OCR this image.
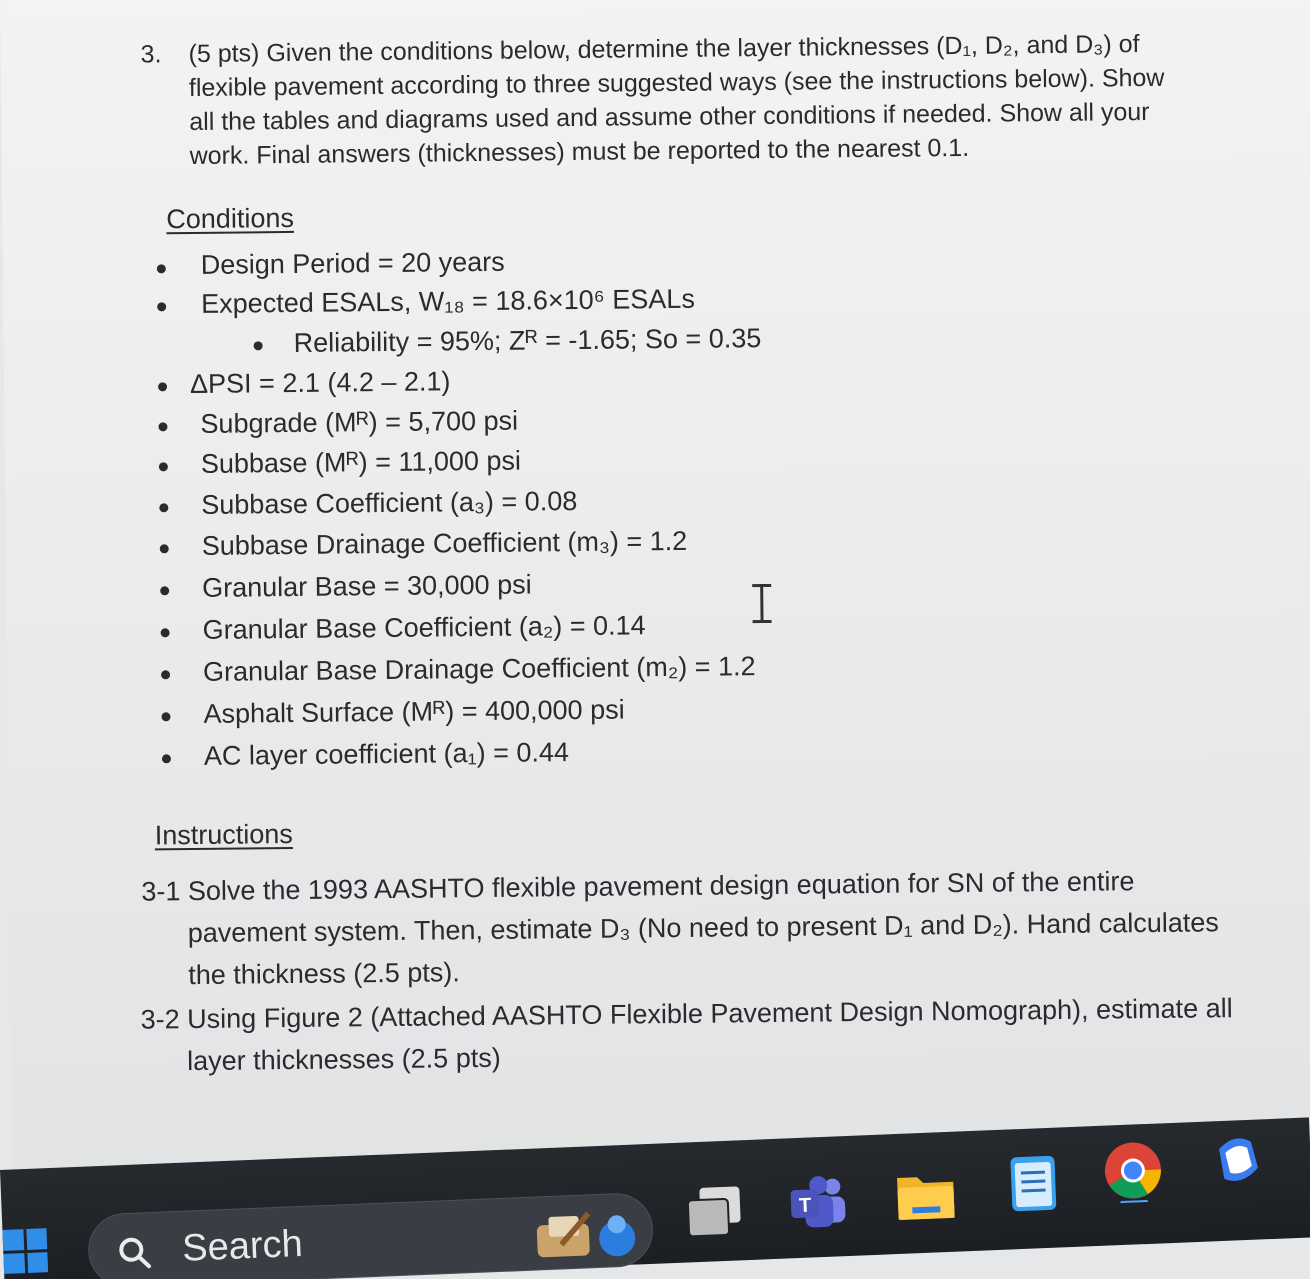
3. (5 pts) Given the conditions below, determine the layer thicknesses (D₁, D₂, and D₃) of
flexible pavement according to three suggested ways (see the instructions below). Show
all the tables and diagrams used and assume other conditions if needed. Show all your
work. Final answers (thicknesses) must be reported to the nearest 0.1.
Conditions
Design Period = 20 years
Expected ESALs, W₁₈ = 18.6×10⁶ ESALs
Reliability = 95%; Zᴿ = -1.65; So = 0.35
ΔPSI = 2.1 (4.2 – 2.1)
Subgrade (Mᴿ) = 5,700 psi
Subbase (Mᴿ) = 11,000 psi
Subbase Coefficient (a₃) = 0.08
Subbase Drainage Coefficient (m₃) = 1.2
Granular Base = 30,000 psi
Granular Base Coefficient (a₂) = 0.14
Granular Base Drainage Coefficient (m₂) = 1.2
Asphalt Surface (Mᴿ) = 400,000 psi
AC layer coefficient (a₁) = 0.44
Instructions
3-1 Solve the 1993 AASHTO flexible pavement design equation for SN of the entire
pavement system. Then, estimate D₃ (No need to present D₁ and D₂). Hand calculates
the thickness (2.5 pts).
3-2 Using Figure 2 (Attached AASHTO Flexible Pavement Design Nomograph), estimate all
layer thicknesses (2.5 pts)
Search
T
